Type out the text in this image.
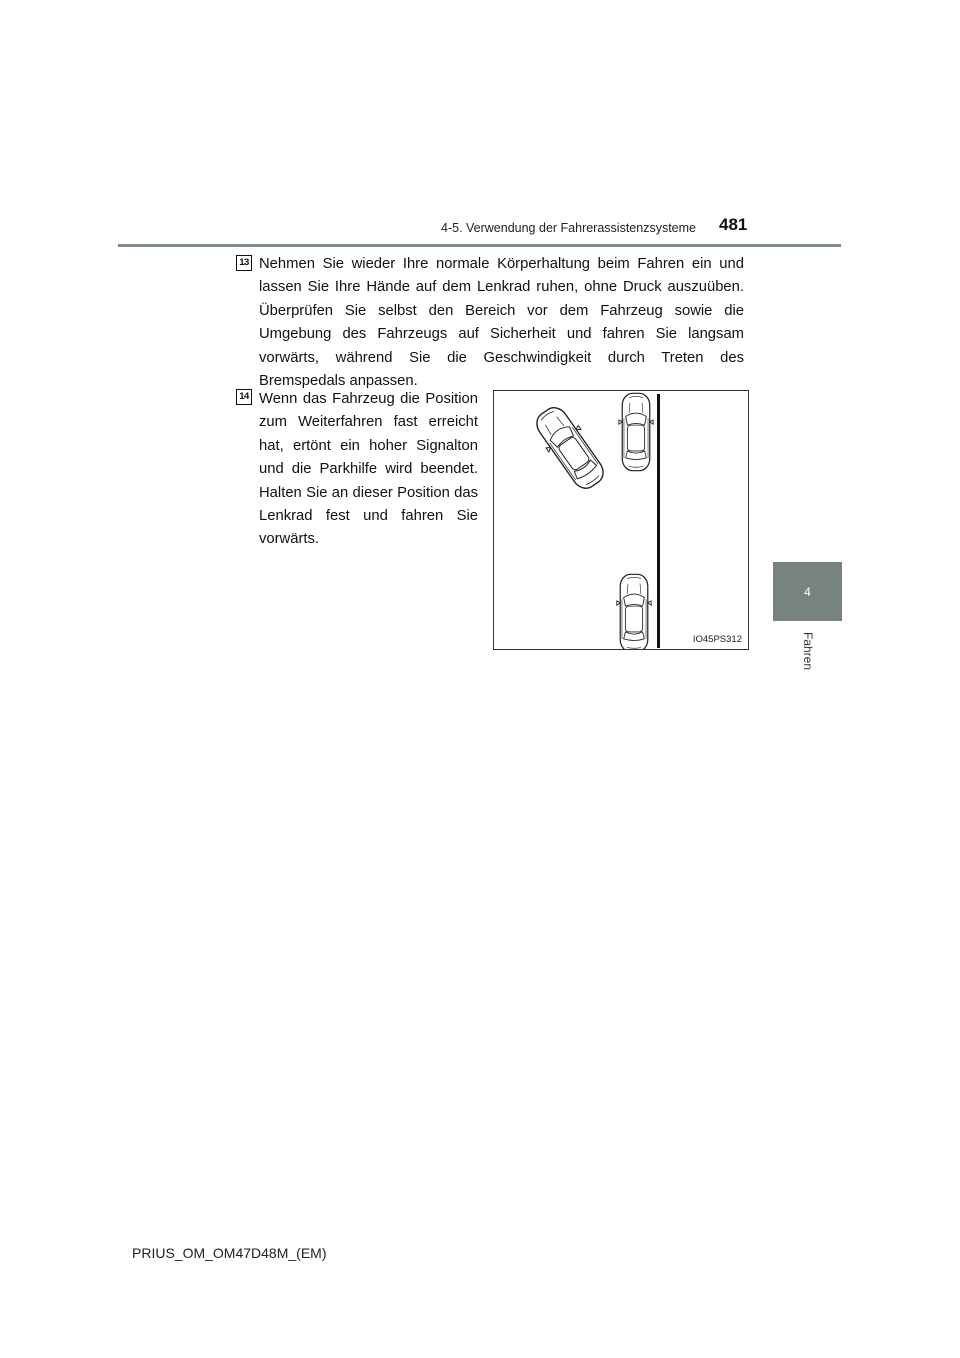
4-5. Verwendung der Fahrerassistenzsysteme 481
4
Fahren
13 Nehmen Sie wieder Ihre normale Körperhaltung beim Fahren ein und lassen Sie Ihre Hände auf dem Lenkrad ruhen, ohne Druck auszuüben. Überprüfen Sie selbst den Bereich vor dem Fahrzeug sowie die Umgebung des Fahrzeugs auf Sicherheit und fahren Sie langsam vorwärts, während Sie die Geschwindigkeit durch Treten des Bremspedals anpassen.
14 Wenn das Fahrzeug die Position zum Weiterfahren fast erreicht hat, ertönt ein hoher Signalton und die Parkhilfe wird beendet. Halten Sie an dieser Position das Lenkrad fest und fahren Sie vorwärts.
IO45PS312
PRIUS_OM_OM47D48M_(EM)
